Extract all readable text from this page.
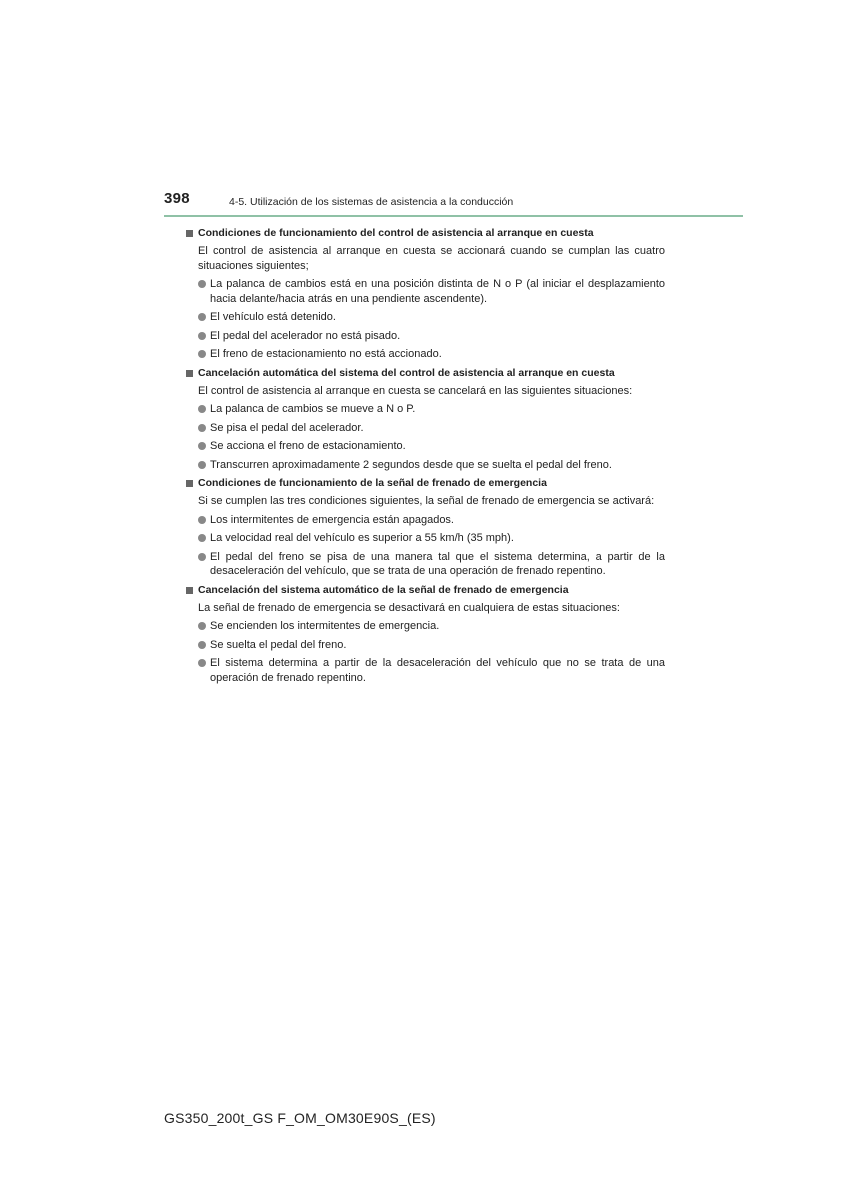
398	4-5. Utilización de los sistemas de asistencia a la conducción
Condiciones de funcionamiento del control de asistencia al arranque en cuesta
El control de asistencia al arranque en cuesta se accionará cuando se cumplan las cuatro situaciones siguientes;
La palanca de cambios está en una posición distinta de N o P (al iniciar el desplazamiento hacia delante/hacia atrás en una pendiente ascendente).
El vehículo está detenido.
El pedal del acelerador no está pisado.
El freno de estacionamiento no está accionado.
Cancelación automática del sistema del control de asistencia al arranque en cuesta
El control de asistencia al arranque en cuesta se cancelará en las siguientes situaciones:
La palanca de cambios se mueve a N o P.
Se pisa el pedal del acelerador.
Se acciona el freno de estacionamiento.
Transcurren aproximadamente 2 segundos desde que se suelta el pedal del freno.
Condiciones de funcionamiento de la señal de frenado de emergencia
Si se cumplen las tres condiciones siguientes, la señal de frenado de emergencia se activará:
Los intermitentes de emergencia están apagados.
La velocidad real del vehículo es superior a 55 km/h (35 mph).
El pedal del freno se pisa de una manera tal que el sistema determina, a partir de la desaceleración del vehículo, que se trata de una operación de frenado repentino.
Cancelación del sistema automático de la señal de frenado de emergencia
La señal de frenado de emergencia se desactivará en cualquiera de estas situaciones:
Se encienden los intermitentes de emergencia.
Se suelta el pedal del freno.
El sistema determina a partir de la desaceleración del vehículo que no se trata de una operación de frenado repentino.
GS350_200t_GS F_OM_OM30E90S_(ES)
